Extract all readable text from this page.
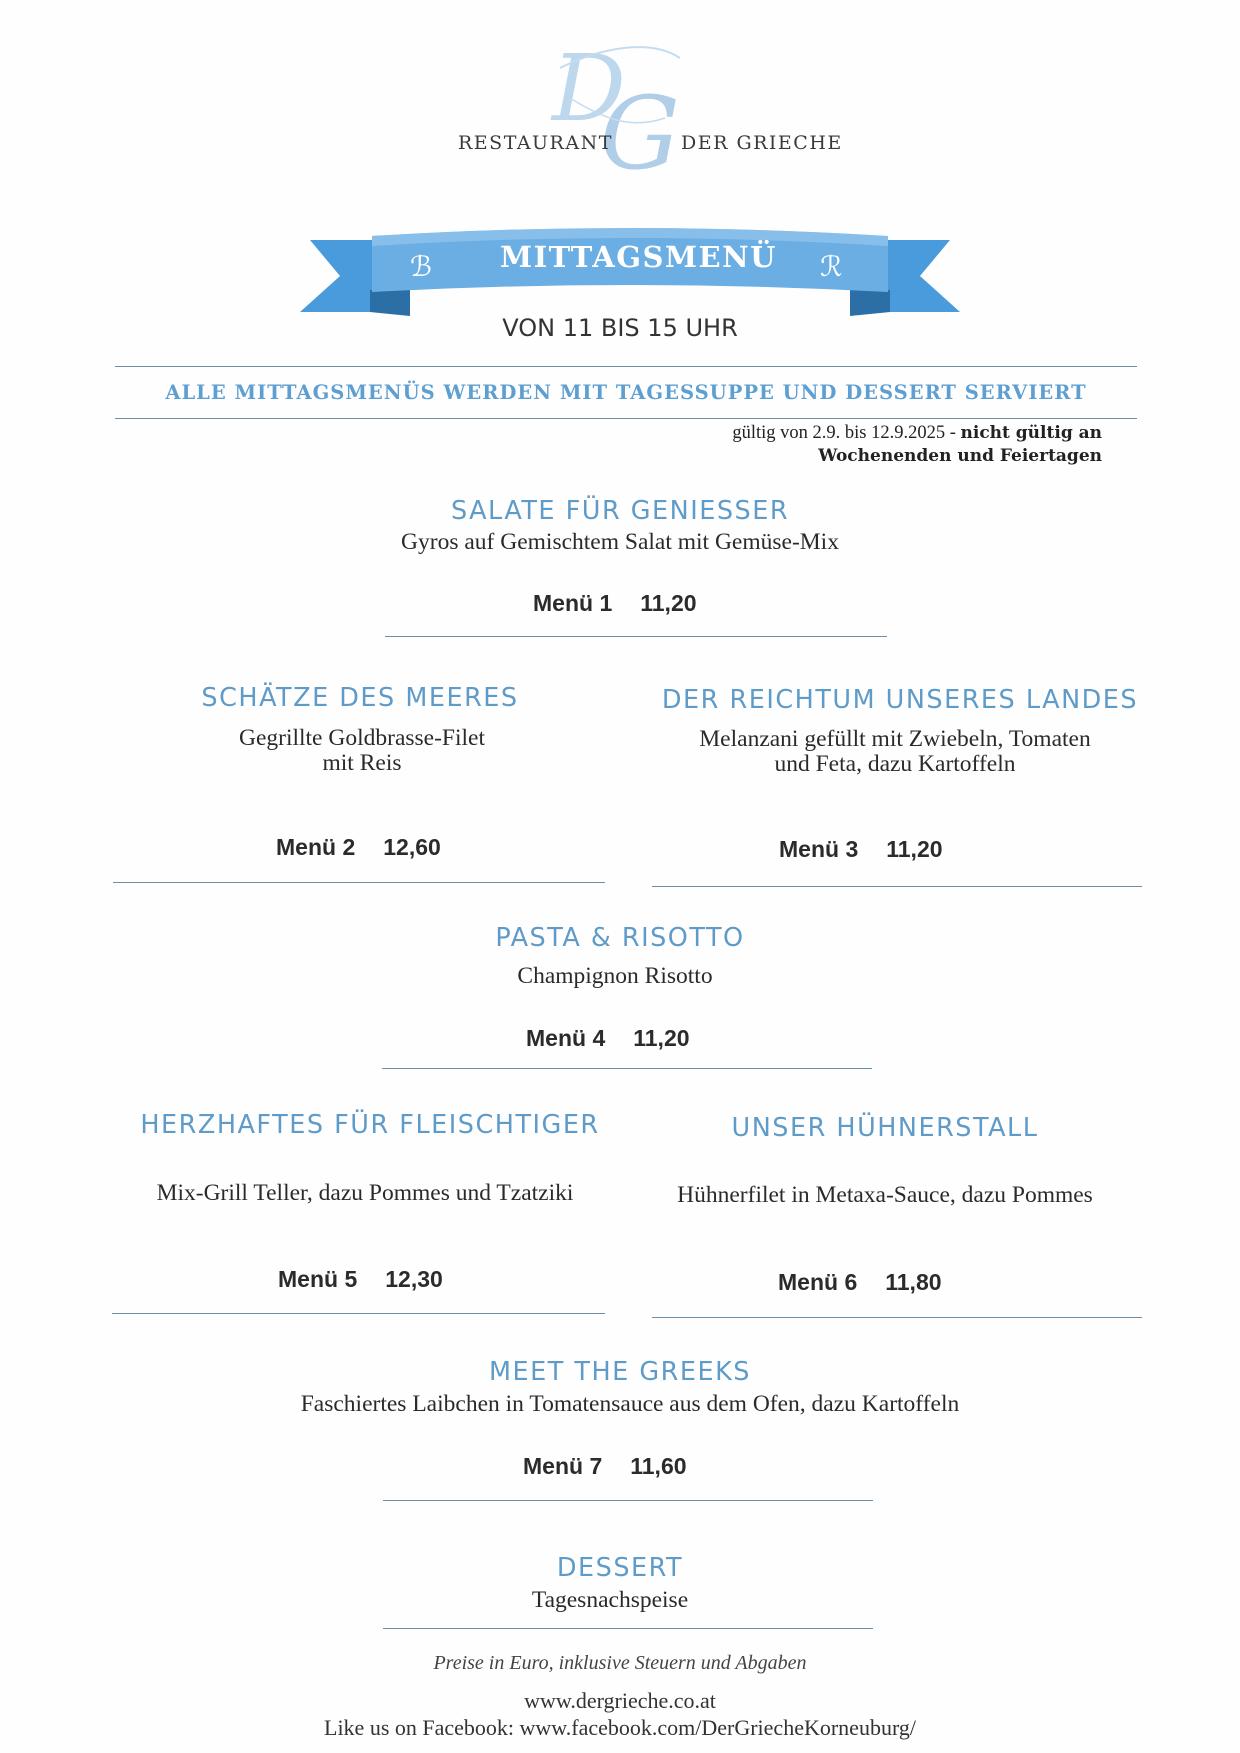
D
G
RESTAURANT	DER GRIECHE
ℬ	ℛ
MITTAGSMENÜ
VON 11 BIS 15 UHR
ALLE MITTAGSMENÜS WERDEN MIT TAGESSUPPE UND DESSERT SERVIERT
gültig von 2.9. bis 12.9.2025 - nicht gültig an
Wochenenden und Feiertagen
SALATE FÜR GENIESSER
Gyros auf Gemischtem Salat mit Gemüse-Mix
Menü 1 11,20
SCHÄTZE DES MEERES
Gegrillte Goldbrasse-Filet
mit Reis
Menü 2 12,60
DER REICHTUM UNSERES LANDES
Melanzani gefüllt mit Zwiebeln, Tomaten
und Feta, dazu Kartoffeln
Menü 3 11,20
PASTA & RISOTTO
Champignon Risotto
Menü 4 11,20
HERZHAFTES FÜR FLEISCHTIGER
Mix-Grill Teller, dazu Pommes und Tzatziki
Menü 5 12,30
UNSER HÜHNERSTALL
Hühnerfilet in Metaxa-Sauce, dazu Pommes
Menü 6 11,80
MEET THE GREEKS
Faschiertes Laibchen in Tomatensauce aus dem Ofen, dazu Kartoffeln
Menü 7 11,60
DESSERT
Tagesnachspeise
Preise in Euro, inklusive Steuern und Abgaben
www.dergrieche.co.at
Like us on Facebook: www.facebook.com/DerGriecheKorneuburg/
